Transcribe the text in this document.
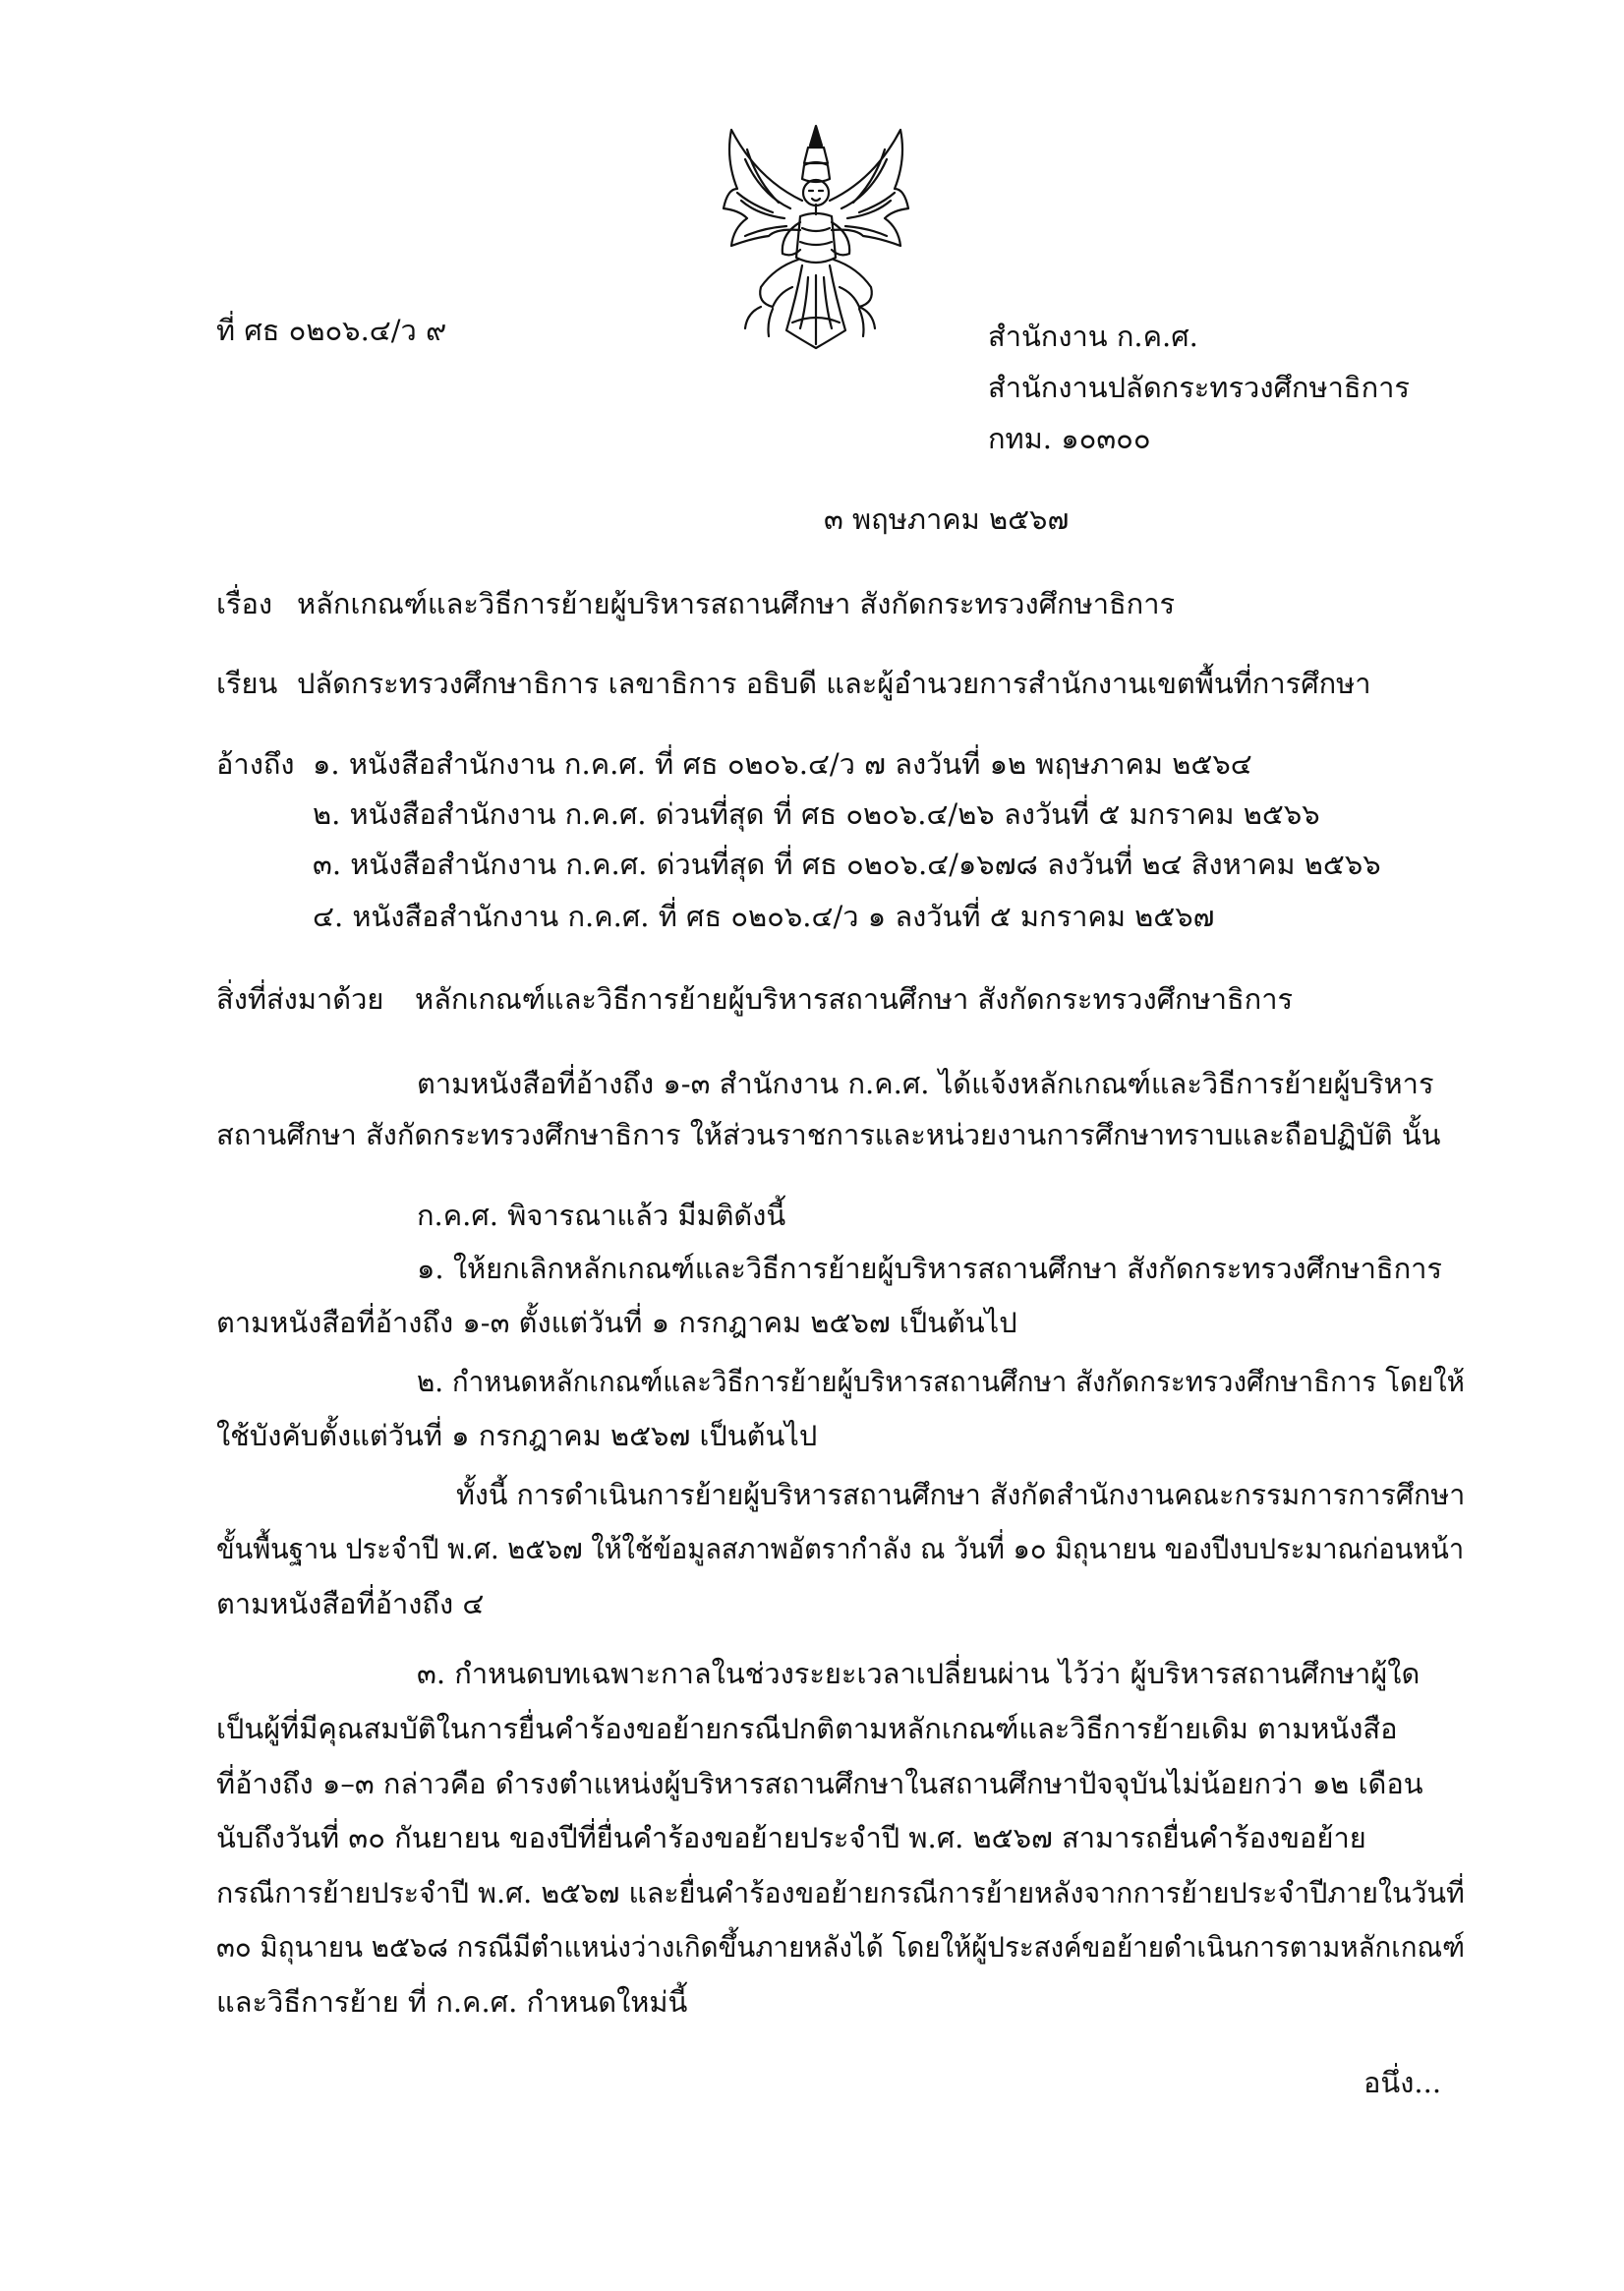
ที่ ศธ ๐๒๐๖.๔/ว ๙	สำนักงาน ก.ค.ศ.
สำนักงานปลัดกระทรวงศึกษาธิการ
กทม. ๑๐๓๐๐
๓ พฤษภาคม ๒๕๖๗
เรื่อง หลักเกณฑ์และวิธีการย้ายผู้บริหารสถานศึกษา สังกัดกระทรวงศึกษาธิการ
เรียน ปลัดกระทรวงศึกษาธิการ เลขาธิการ อธิบดี และผู้อำนวยการสำนักงานเขตพื้นที่การศึกษา
อ้างถึง ๑. หนังสือสำนักงาน ก.ค.ศ. ที่ ศธ ๐๒๐๖.๔/ว ๗ ลงวันที่ ๑๒ พฤษภาคม ๒๕๖๔
๒. หนังสือสำนักงาน ก.ค.ศ. ด่วนที่สุด ที่ ศธ ๐๒๐๖.๔/๒๖ ลงวันที่ ๕ มกราคม ๒๕๖๖
๓. หนังสือสำนักงาน ก.ค.ศ. ด่วนที่สุด ที่ ศธ ๐๒๐๖.๔/๑๖๗๘ ลงวันที่ ๒๔ สิงหาคม ๒๕๖๖
๔. หนังสือสำนักงาน ก.ค.ศ. ที่ ศธ ๐๒๐๖.๔/ว ๑ ลงวันที่ ๕ มกราคม ๒๕๖๗
สิ่งที่ส่งมาด้วย หลักเกณฑ์และวิธีการย้ายผู้บริหารสถานศึกษา สังกัดกระทรวงศึกษาธิการ
ตามหนังสือที่อ้างถึง ๑-๓ สำนักงาน ก.ค.ศ. ได้แจ้งหลักเกณฑ์และวิธีการย้ายผู้บริหาร
สถานศึกษา สังกัดกระทรวงศึกษาธิการ ให้ส่วนราชการและหน่วยงานการศึกษาทราบและถือปฏิบัติ นั้น
ก.ค.ศ. พิจารณาแล้ว มีมติดังนี้
๑. ให้ยกเลิกหลักเกณฑ์และวิธีการย้ายผู้บริหารสถานศึกษา สังกัดกระทรวงศึกษาธิการ
ตามหนังสือที่อ้างถึง ๑-๓ ตั้งแต่วันที่ ๑ กรกฎาคม ๒๕๖๗ เป็นต้นไป
๒. กำหนดหลักเกณฑ์และวิธีการย้ายผู้บริหารสถานศึกษา สังกัดกระทรวงศึกษาธิการ โดยให้
ใช้บังคับตั้งแต่วันที่ ๑ กรกฎาคม ๒๕๖๗ เป็นต้นไป
ทั้งนี้ การดำเนินการย้ายผู้บริหารสถานศึกษา สังกัดสำนักงานคณะกรรมการการศึกษา
ขั้นพื้นฐาน ประจำปี พ.ศ. ๒๕๖๗ ให้ใช้ข้อมูลสภาพอัตรากำลัง ณ วันที่ ๑๐ มิถุนายน ของปีงบประมาณก่อนหน้า
ตามหนังสือที่อ้างถึง ๔
๓. กำหนดบทเฉพาะกาลในช่วงระยะเวลาเปลี่ยนผ่าน ไว้ว่า ผู้บริหารสถานศึกษาผู้ใด
เป็นผู้ที่มีคุณสมบัติในการยื่นคำร้องขอย้ายกรณีปกติตามหลักเกณฑ์และวิธีการย้ายเดิม ตามหนังสือ
ที่อ้างถึง ๑–๓ กล่าวคือ ดำรงตำแหน่งผู้บริหารสถานศึกษาในสถานศึกษาปัจจุบันไม่น้อยกว่า ๑๒ เดือน
นับถึงวันที่ ๓๐ กันยายน ของปีที่ยื่นคำร้องขอย้ายประจำปี พ.ศ. ๒๕๖๗ สามารถยื่นคำร้องขอย้าย
กรณีการย้ายประจำปี พ.ศ. ๒๕๖๗ และยื่นคำร้องขอย้ายกรณีการย้ายหลังจากการย้ายประจำปีภายในวันที่
๓๐ มิถุนายน ๒๕๖๘ กรณีมีตำแหน่งว่างเกิดขึ้นภายหลังได้ โดยให้ผู้ประสงค์ขอย้ายดำเนินการตามหลักเกณฑ์
และวิธีการย้าย ที่ ก.ค.ศ. กำหนดใหม่นี้
อนึ่ง...
